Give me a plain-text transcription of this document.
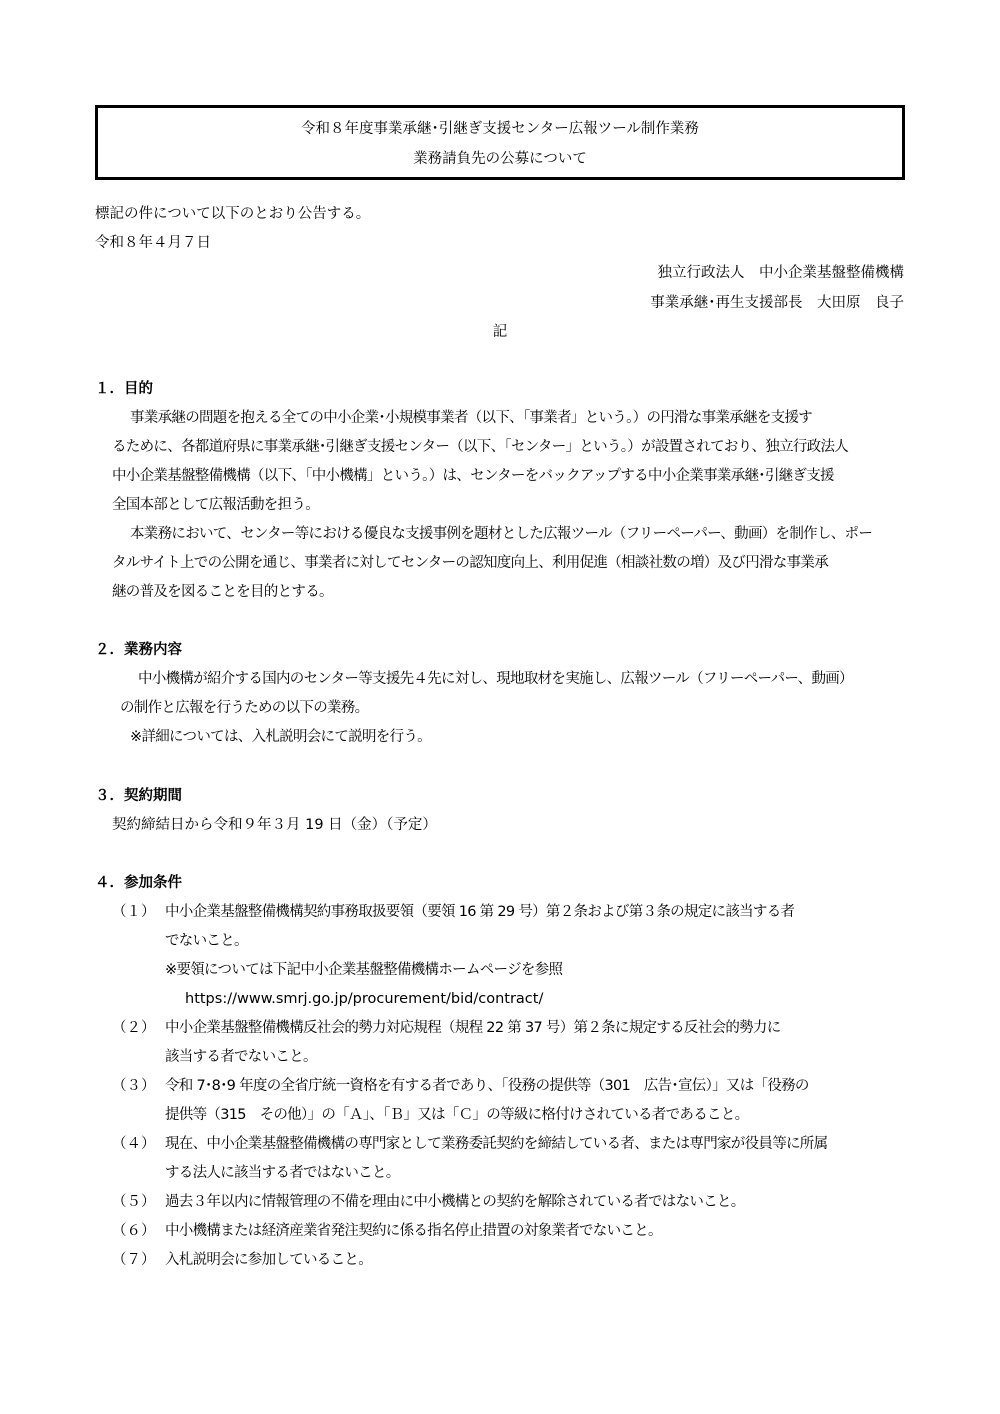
令和８年度事業承継･引継ぎ支援センター広報ツール制作業務
業務請負先の公募について
標記の件について以下のとおり公告する。
令和８年４月７日
独立行政法人　中小企業基盤整備機構
事業承継･再生支援部長　大田原　良子
記
１．目的
事業承継の問題を抱える全ての中小企業･小規模事業者（以下、「事業者」という。）の円滑な事業承継を支援す
るために、各都道府県に事業承継･引継ぎ支援センター（以下、「センター」という。）が設置されており、独立行政法人
中小企業基盤整備機構（以下、「中小機構」という。）は、センターをバックアップする中小企業事業承継･引継ぎ支援
全国本部として広報活動を担う。
本業務において、センター等における優良な支援事例を題材とした広報ツール（フリーペーパー、動画）を制作し、ポー
タルサイト上での公開を通じ、事業者に対してセンターの認知度向上、利用促進（相談社数の増）及び円滑な事業承
継の普及を図ることを目的とする。
２．業務内容
中小機構が紹介する国内のセンター等支援先４先に対し、現地取材を実施し、広報ツール（フリーペーパー、動画）
の制作と広報を行うための以下の業務。
※詳細については、入札説明会にて説明を行う。
３．契約期間
契約締結日から令和９年３月 19 日（金）（予定）
４．参加条件
（１） 中小企業基盤整備機構契約事務取扱要領（要領 16 第 29 号）第２条および第３条の規定に該当する者
でないこと。
※要領については下記中小企業基盤整備機構ホームページを参照
https://www.smrj.go.jp/procurement/bid/contract/
（２） 中小企業基盤整備機構反社会的勢力対応規程（規程 22 第 37 号）第２条に規定する反社会的勢力に
該当する者でないこと。
（３） 令和 7･8･9 年度の全省庁統一資格を有する者であり、「役務の提供等（301　広告･宣伝）」又は「役務の
提供等（315　その他）」の「Ａ」、「Ｂ」又は「Ｃ」の等級に格付けされている者であること。
（４） 現在、中小企業基盤整備機構の専門家として業務委託契約を締結している者、または専門家が役員等に所属
する法人に該当する者ではないこと。
（５） 過去３年以内に情報管理の不備を理由に中小機構との契約を解除されている者ではないこと。
（６） 中小機構または経済産業省発注契約に係る指名停止措置の対象業者でないこと。
（７） 入札説明会に参加していること。
